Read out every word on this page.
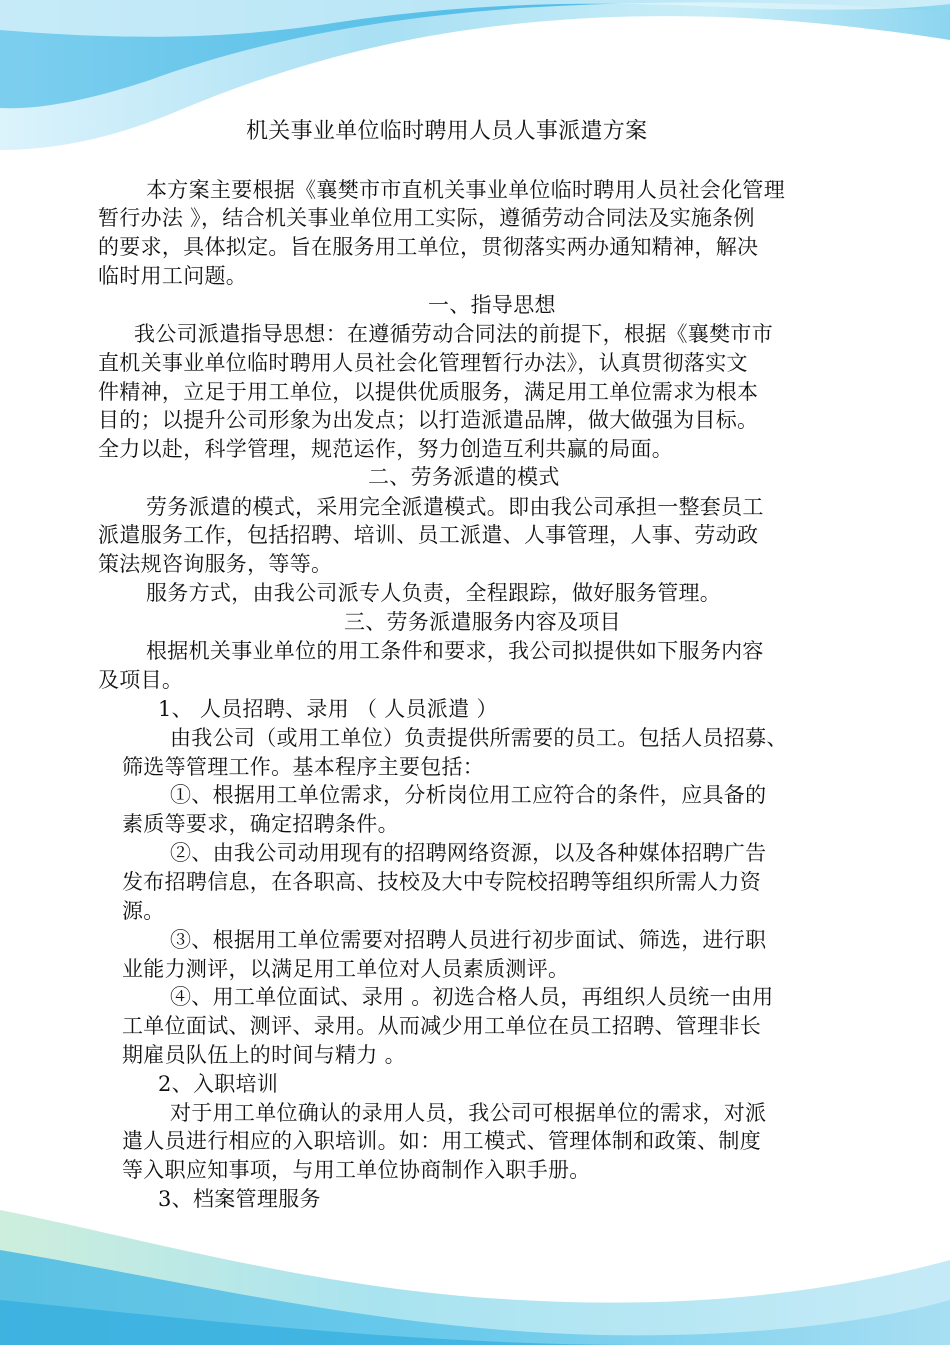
机关事业单位临时聘用人员人事派遣方案
本方案主要根据《襄樊市市直机关事业单位临时聘用人员社会化管理
暂行办法 》，结合机关事业单位用工实际，遵循劳动合同法及实施条例
的要求，具体拟定。旨在服务用工单位，贯彻落实两办通知精神，解决
临时用工问题。
一、指导思想
我公司派遣指导思想：在遵循劳动合同法的前提下，根据《襄樊市市
直机关事业单位临时聘用人员社会化管理暂行办法》，认真贯彻落实文
件精神，立足于用工单位，以提供优质服务，满足用工单位需求为根本
目的；以提升公司形象为出发点；以打造派遣品牌，做大做强为目标。
全力以赴，科学管理，规范运作，努力创造互利共赢的局面。
二、劳务派遣的模式
劳务派遣的模式，采用完全派遣模式。即由我公司承担一整套员工
派遣服务工作，包括招聘、培训、员工派遣、人事管理，人事、劳动政
策法规咨询服务，等等。
服务方式，由我公司派专人负责，全程跟踪，做好服务管理。
三、劳务派遣服务内容及项目
根据机关事业单位的用工条件和要求，我公司拟提供如下服务内容
及项目。
1、 人员招聘、录用 （ 人员派遣 ）
由我公司（或用工单位）负责提供所需要的员工。包括人员招募、
筛选等管理工作。基本程序主要包括：
①、根据用工单位需求，分析岗位用工应符合的条件，应具备的
素质等要求，确定招聘条件。
②、由我公司动用现有的招聘网络资源，以及各种媒体招聘广告
发布招聘信息，在各职高、技校及大中专院校招聘等组织所需人力资
源。
③、根据用工单位需要对招聘人员进行初步面试、筛选，进行职
业能力测评，以满足用工单位对人员素质测评。
④、用工单位面试、录用 。初选合格人员，再组织人员统一由用
工单位面试、测评、录用。从而减少用工单位在员工招聘、管理非长
期雇员队伍上的时间与精力 。
2、入职培训
对于用工单位确认的录用人员，我公司可根据单位的需求，对派
遣人员进行相应的入职培训。如：用工模式、管理体制和政策、制度
等入职应知事项，与用工单位协商制作入职手册。
3、档案管理服务
